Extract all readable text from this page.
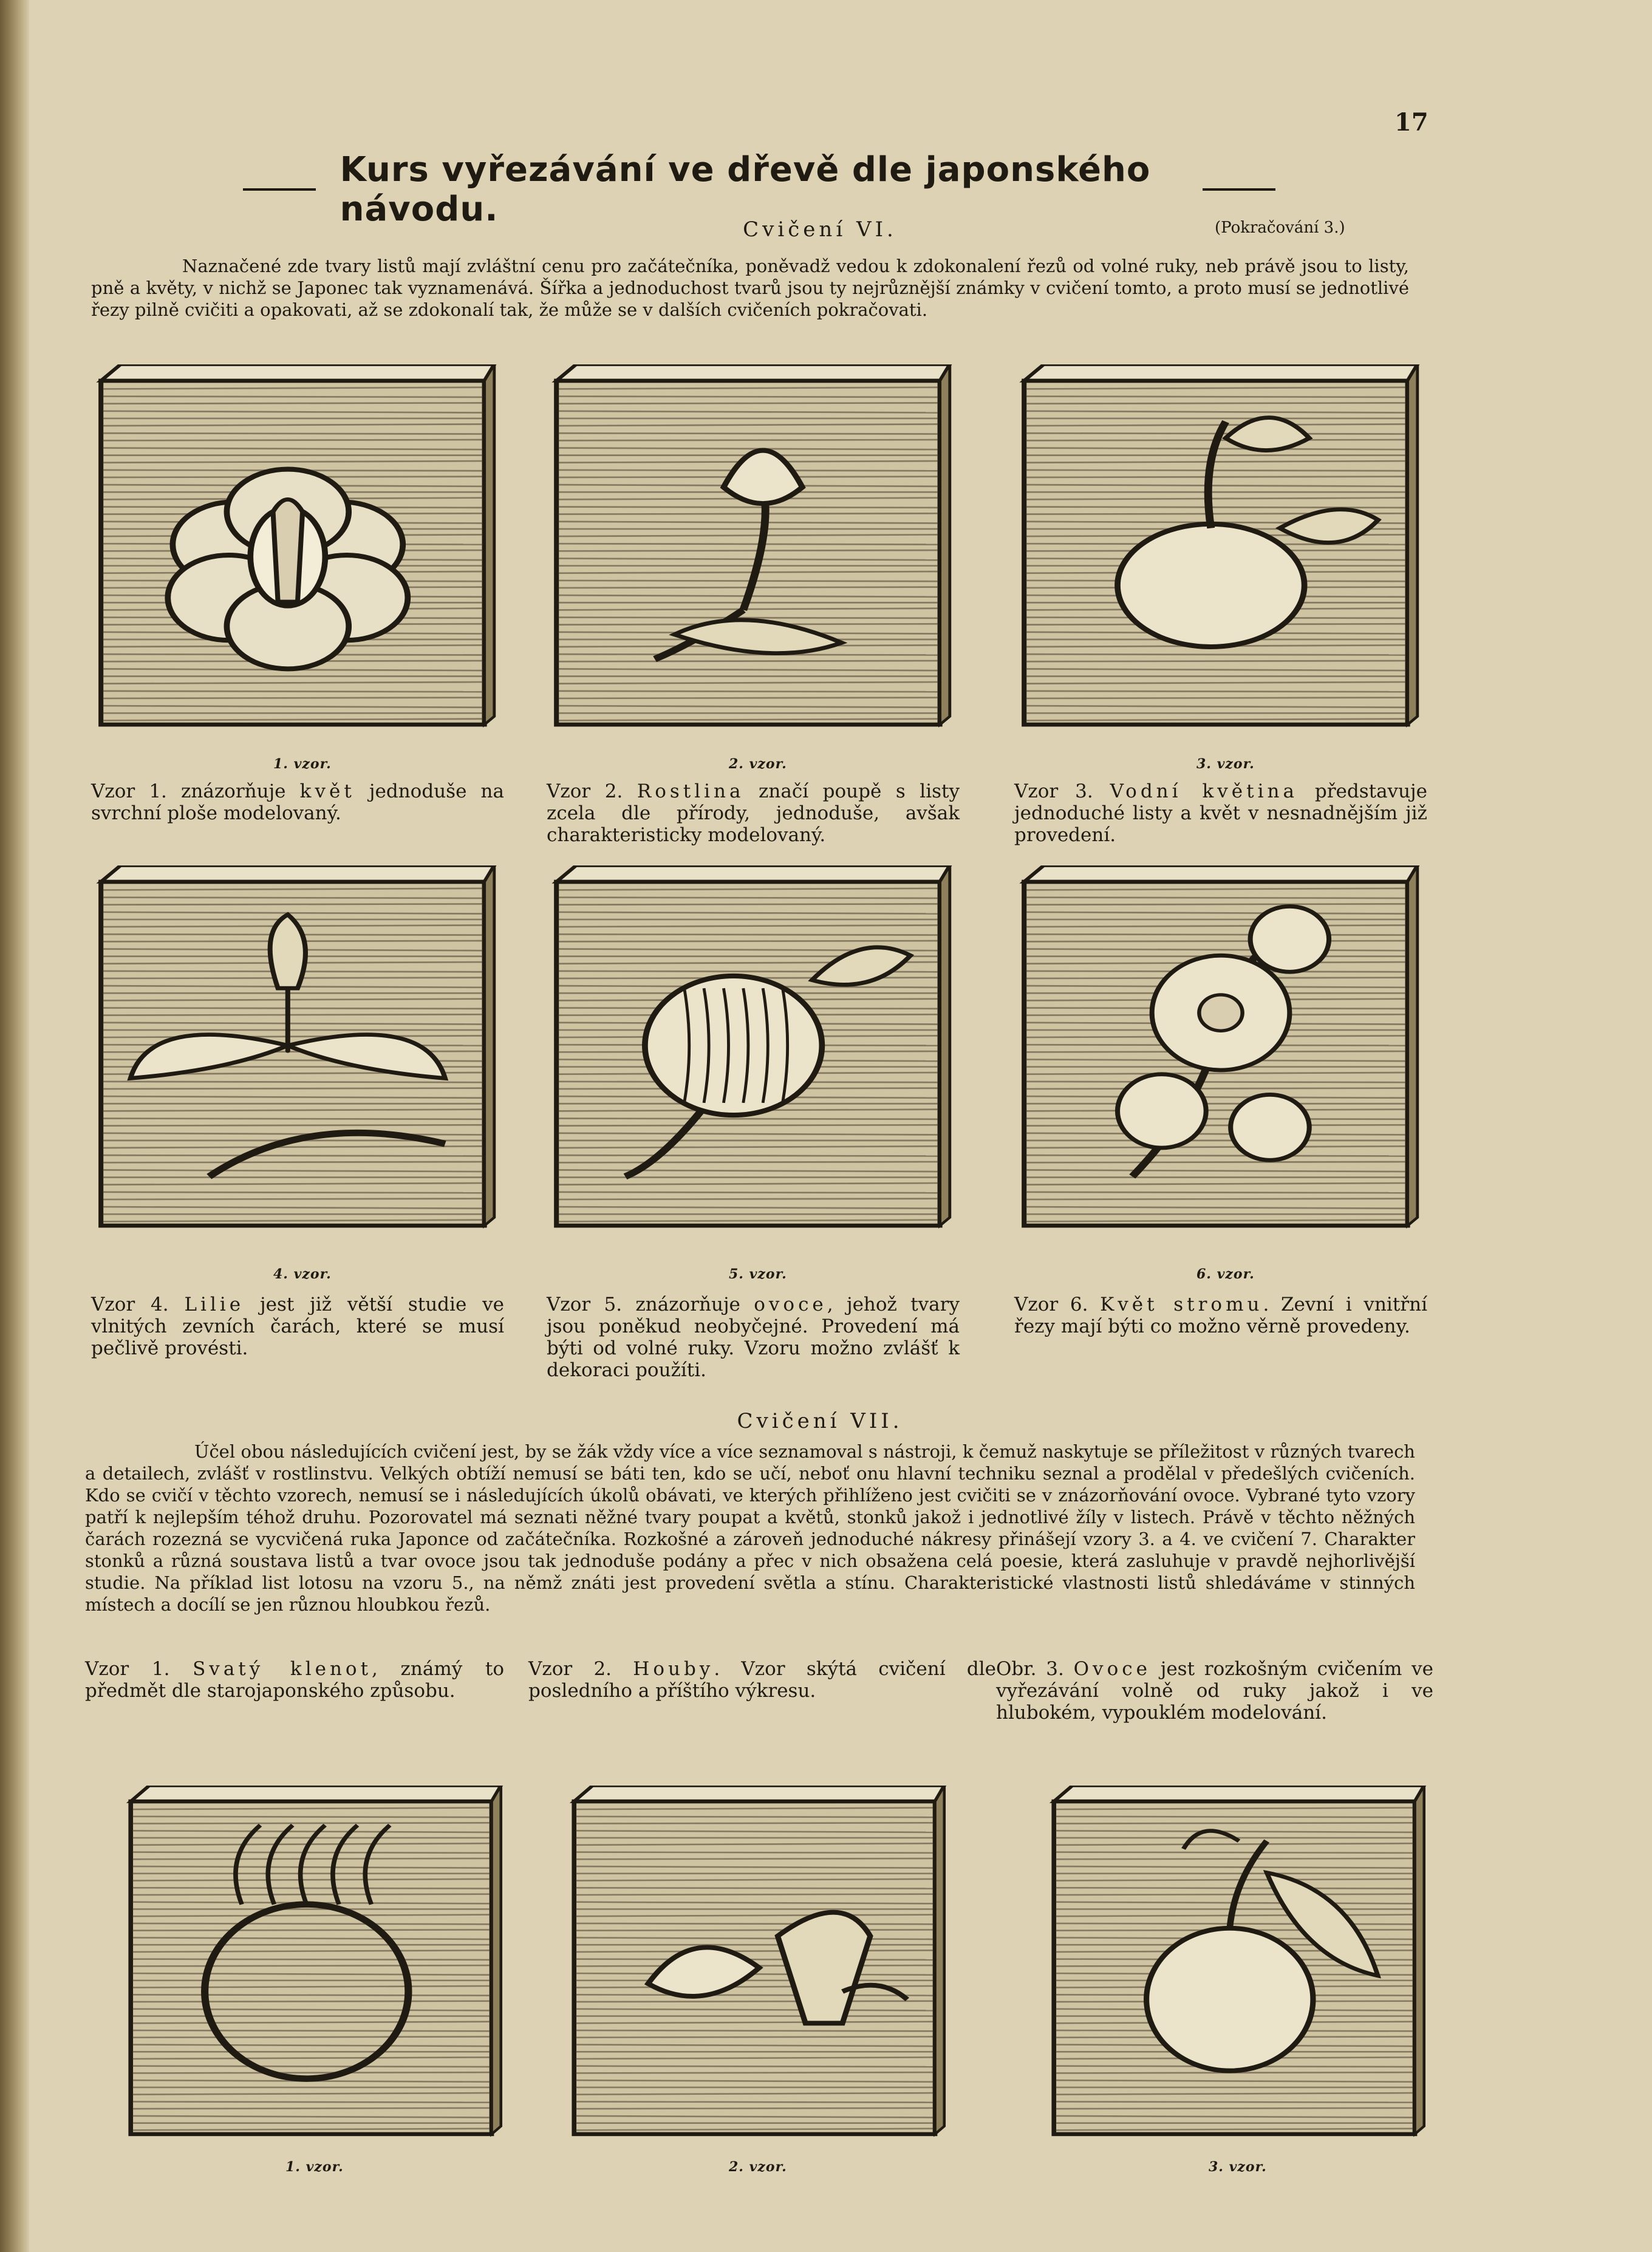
17
Kurs vyřezávání ve dřevě dle japonského návodu.
Cvičení VI.	(Pokračování 3.)

Naznačené zde tvary listů mají zvláštní cenu pro začátečníka, poněvadž vedou k zdokonalení řezů od volné ruky, neb právě jsou to listy, pně a květy, v nichž se Japonec tak vyznamenává. Šířka a jednoduchost tvarů jsou ty nejrůznější známky v cvičení tomto, a proto musí se jednotlivé řezy pilně cvičiti a opakovati, až se zdokonalí tak, že může se v dalších cvičeních pokračovati.

1. vzor.

Vzor 1. znázorňuje květ jednoduše na svrchní ploše modelovaný.

2. vzor.

Vzor 2. Rostlina značí poupě s listy zcela dle přírody, jednoduše, avšak charakteristicky modelovaný.

3. vzor.

Vzor 3. Vodní květina představuje jednoduché listy a květ v nesnadnějším již provedení.

4. vzor.

Vzor 4. Lilie jest již větší studie ve vlnitých zevních čarách, které se musí pečlivě provésti.

5. vzor.

Vzor 5. znázorňuje ovoce, jehož tvary jsou poněkud neobyčejné. Provedení má býti od volné ruky. Vzoru možno zvlášť k dekoraci použíti.

6. vzor.

Vzor 6. Květ stromu. Zevní i vnitřní řezy mají býti co možno věrně provedeny.

Cvičení VII.

Účel obou následujících cvičení jest, by se žák vždy více a více seznamoval s nástroji, k čemuž naskytuje se příležitost v různých tvarech a detailech, zvlášť v rostlinstvu. Velkých obtíží nemusí se báti ten, kdo se učí, neboť onu hlavní techniku seznal a prodělal v předešlých cvičeních. Kdo se cvičí v těchto vzorech, nemusí se i následujících úkolů obávati, ve kterých přihlíženo jest cvičiti se v znázorňování ovoce. Vybrané tyto vzory patří k nejlepším téhož druhu. Pozorovatel má seznati něžné tvary poupat a květů, stonků jakož i jednotlivé žíly v listech. Právě v těchto něžných čarách rozezná se vycvičená ruka Japonce od začátečníka. Rozkošné a zároveň jednoduché nákresy přinášejí vzory 3. a 4. ve cvičení 7. Charakter stonků a různá soustava listů a tvar ovoce jsou tak jednoduše podány a přec v nich obsažena celá poesie, která zasluhuje v pravdě nejhorlivější studie. Na příklad list lotosu na vzoru 5., na němž znáti jest provedení světla a stínu. Charakteristické vlastnosti listů shledáváme v stinných místech a docílí se jen různou hloubkou řezů.

Vzor 1. Svatý klenot, známý to předmět dle starojaponského způsobu.

Vzor 2. Houby. Vzor skýtá cvičení dle posledního a příštího výkresu.

Obr. 3. Ovoce jest rozkošným cvičením ve vyřezávání volně od ruky jakož i ve hlubokém, vypouklém modelování.

1. vzor.	2. vzor.	3. vzor.
